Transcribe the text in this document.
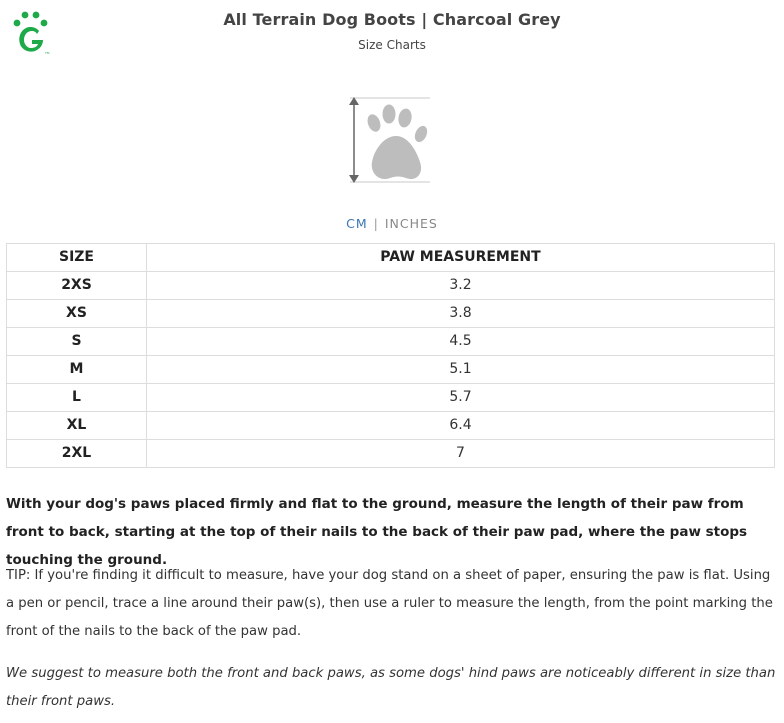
TM
All Terrain Dog Boots | Charcoal Grey
Size Charts
CM | INCHES
SIZE	PAW MEASUREMENT
2XS	3.2
XS	3.8
S	4.5
M	5.1
L	5.7
XL	6.4
2XL	7
With your dog's paws placed firmly and flat to the ground, measure the length of their paw from front to back, starting at the top of their nails to the back of their paw pad, where the paw stops touching the ground.
TIP: If you're finding it difficult to measure, have your dog stand on a sheet of paper, ensuring the paw is flat. Using a pen or pencil, trace a line around their paw(s), then use a ruler to measure the length, from the point marking the front of the nails to the back of the paw pad.
We suggest to measure both the front and back paws, as some dogs' hind paws are noticeably different in size than their front paws.
